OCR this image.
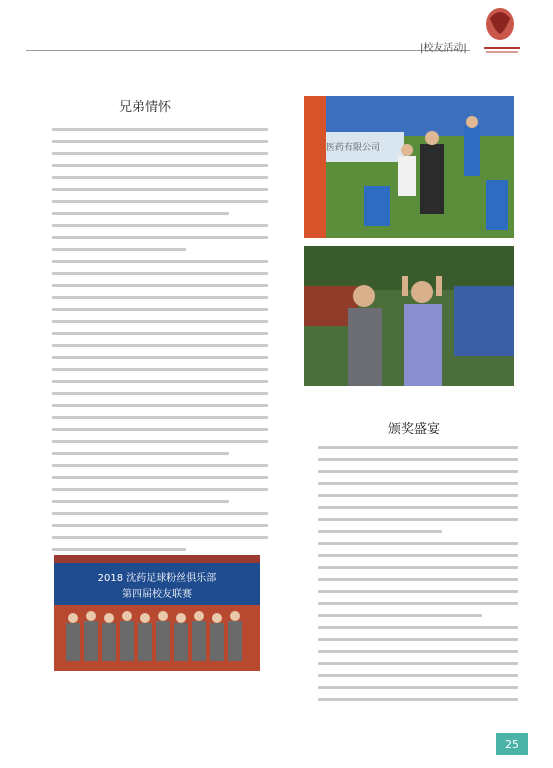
|校友活动|
兄弟情怀
2018 沈药足球粉丝俱乐部
第四届校友联赛
医药有限公司
颁奖盛宴
25
